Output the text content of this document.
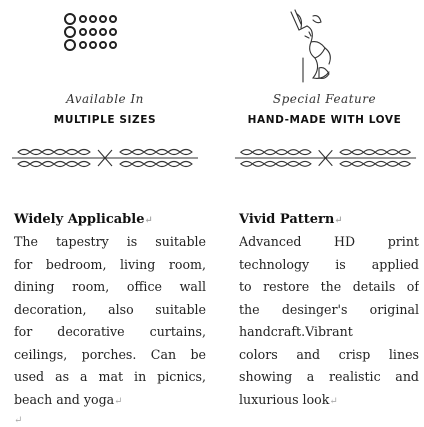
Available In
MULTIPLE SIZES
Widely Applicable↵
The tapestry is suitable
for bedroom, living room,
dining room, office wall
decoration, also suitable
for decorative curtains,
ceilings, porches. Can be
used as a mat in picnics,
beach and yoga↵
↵
Special Feature
HAND-MADE WITH LOVE
Vivid Pattern↵
Advanced HD print
technology is applied
to restore the details of
the desinger's original
handcraft.Vibrant
colors and crisp lines
showing a realistic and
luxurious look↵
